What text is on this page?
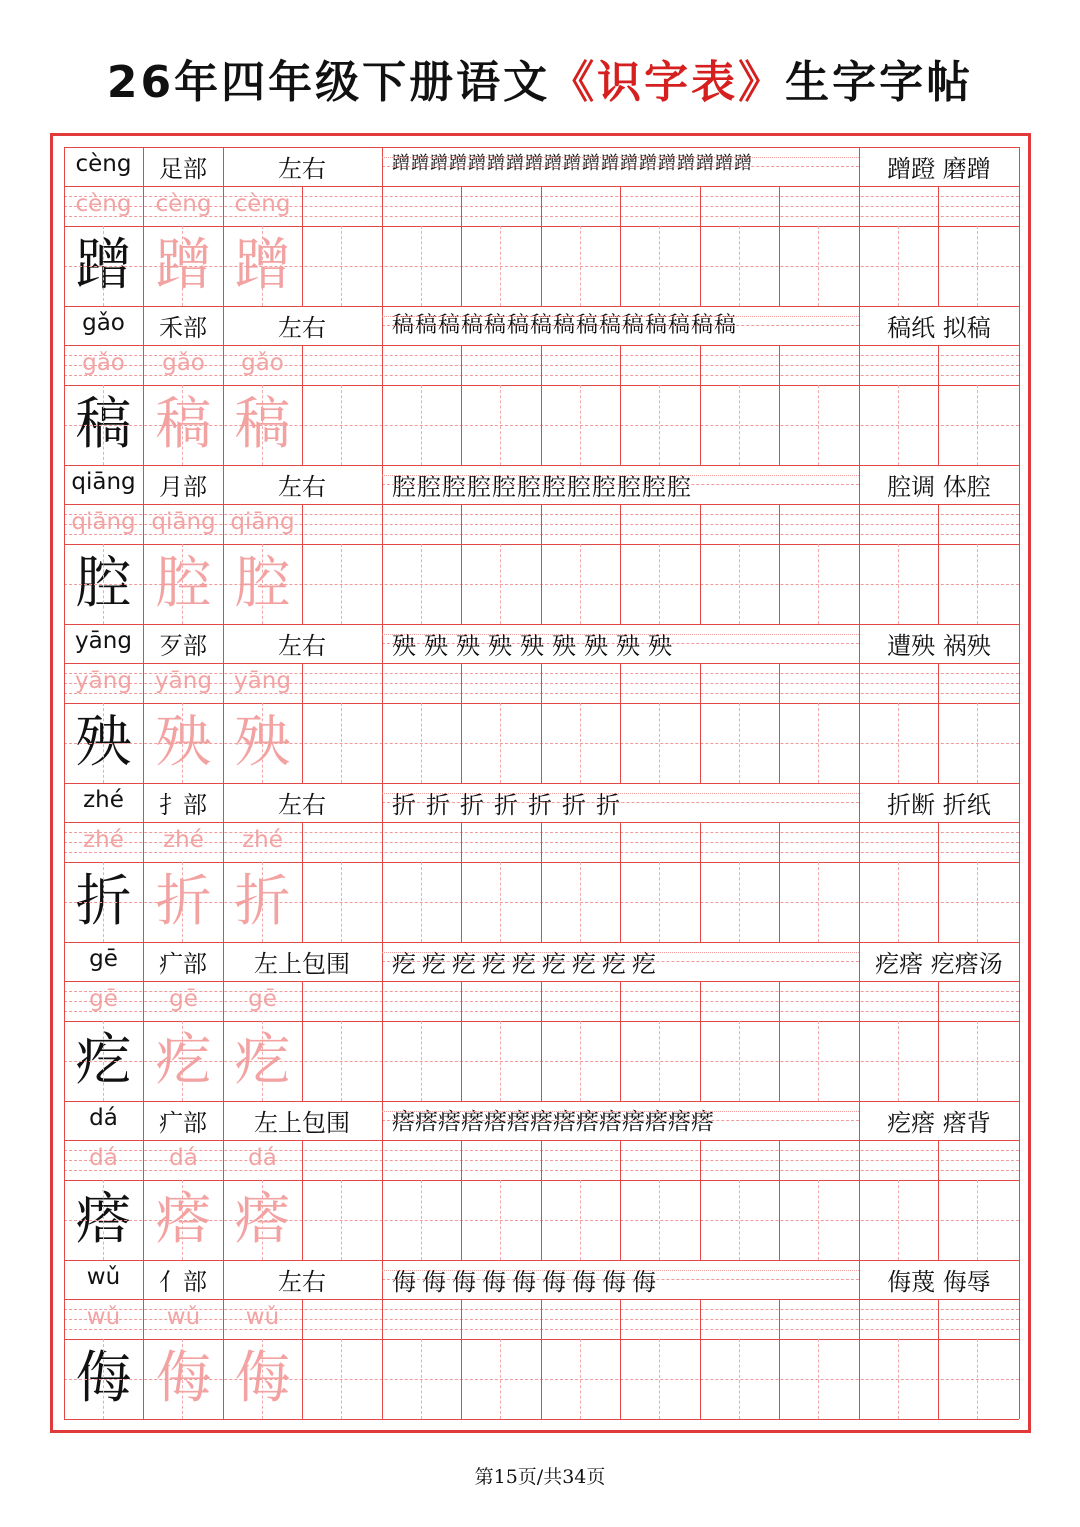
26年四年级下册语文《识字表》生字字帖
cèng	足部	左右	蹭蹭蹭蹭蹭蹭蹭蹭蹭蹭蹭蹭蹭蹭蹭蹭蹭蹭蹭	蹭蹬 磨蹭
cèng	cèng	cèng
蹭 蹭 蹭
gǎo	禾部	左右	稿稿稿稿稿稿稿稿稿稿稿稿稿稿稿	稿纸 拟稿
gǎo	gǎo	gǎo
稿 稿 稿
qiāng 月部	左右	腔腔腔腔腔腔腔腔腔腔腔腔	腔调 体腔
qiāng qiāng qiāng
腔 腔 腔
yāng	歹部	左右	殃殃殃殃殃殃殃殃殃	遭殃 祸殃
yāng	yāng yāng
殃 殃 殃
zhé	扌部	左右	折折折折折折折	折断 折纸
zhé	zhé	zhé
折 折 折
gē	疒部	左上包围	疙疙疙疙疙疙疙疙疙	疙瘩 疙瘩汤
gē	gē	gē
疙 疙 疙
dá	疒部	左上包围	瘩瘩瘩瘩瘩瘩瘩瘩瘩瘩瘩瘩瘩瘩	疙瘩 瘩背
dá	dá	dá
瘩 瘩 瘩
wǔ	亻部	左右	侮侮侮侮侮侮侮侮侮	侮蔑 侮辱
wǔ	wǔ	wǔ
侮 侮 侮
第15页/共34页
